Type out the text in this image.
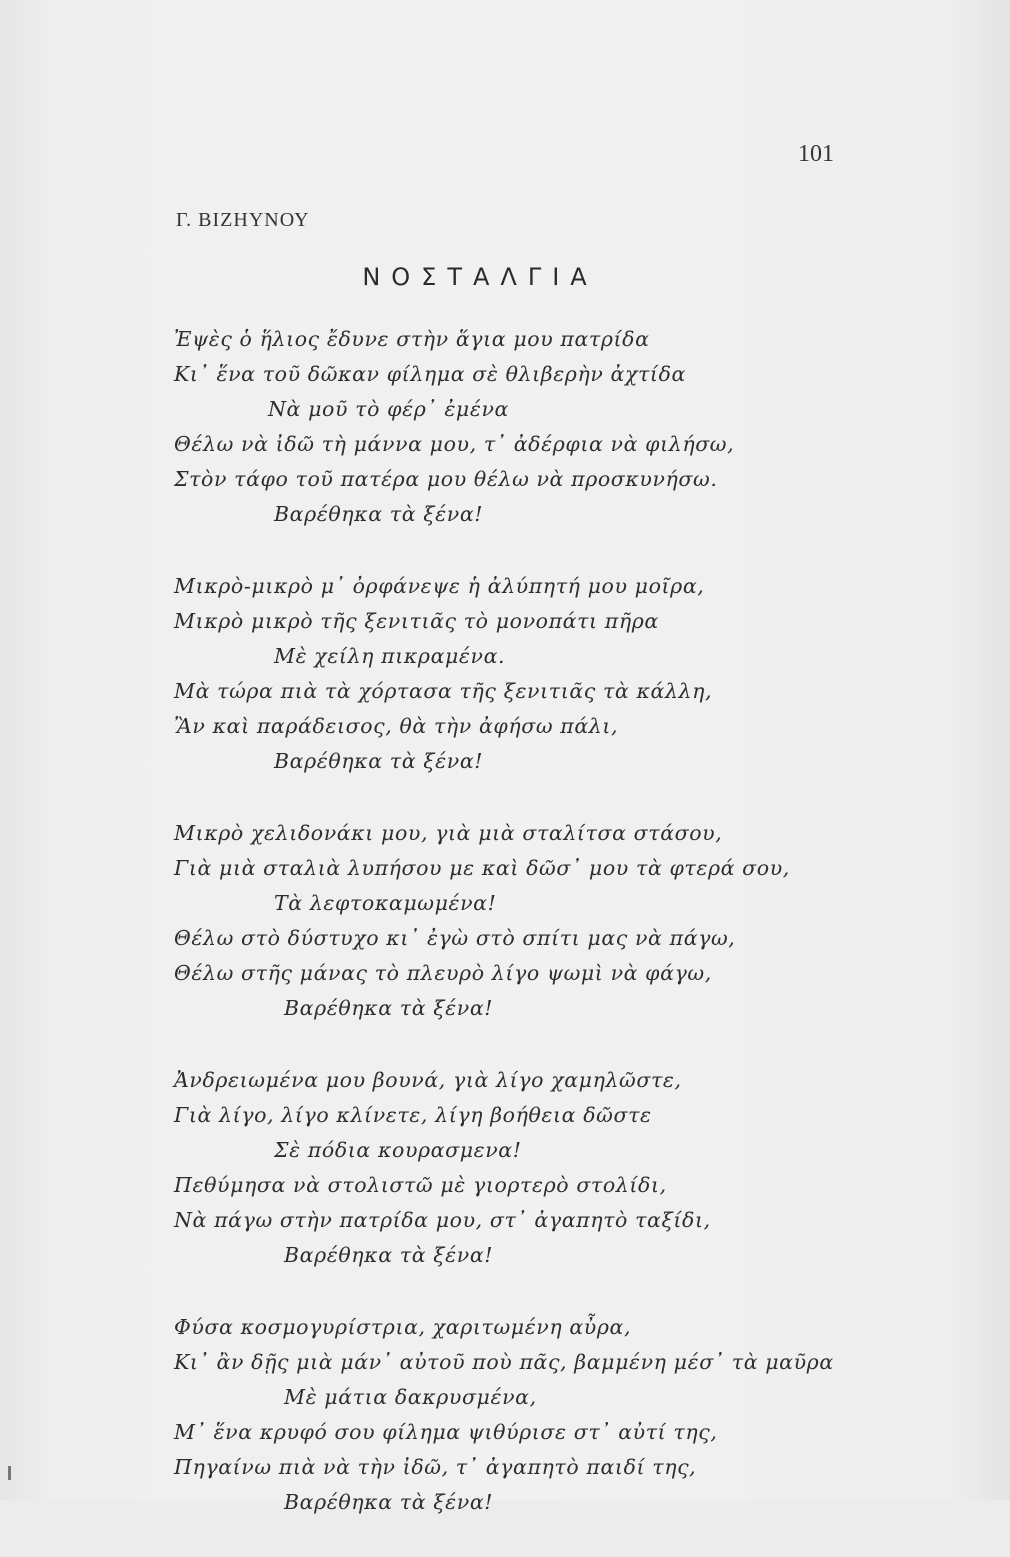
101
Γ. ΒΙΖΗΥΝΟΥ
ΝΟΣΤΑΛΓΙΑ
Ἐψὲς ὁ ἥλιος ἔδυνε στὴν ἅγια μου πατρίδα
Κι᾽ ἕνα τοῦ δῶκαν φίλημα σὲ θλιβερὴν ἀχτίδα
Νὰ μοῦ τὸ φέρ᾽ ἐμένα
Θέλω νὰ ἰδῶ τὴ μάννα μου, τ᾽ ἀδέρφια νὰ φιλήσω,
Στὸν τάφο τοῦ πατέρα μου θέλω νὰ προσκυνήσω.
Βαρέθηκα τὰ ξένα!
Μικρὸ-μικρὸ μ᾽ ὀρφάνεψε ἡ ἀλύπητή μου μοῖρα,
Μικρὸ μικρὸ τῆς ξενιτιᾶς τὸ μονοπάτι πῆρα
Μὲ χείλη πικραμένα.
Μὰ τώρα πιὰ τὰ χόρτασα τῆς ξενιτιᾶς τὰ κάλλη,
Ἂν καὶ παράδεισος, θὰ τὴν ἀφήσω πάλι,
Βαρέθηκα τὰ ξένα!
Μικρὸ χελιδονάκι μου, γιὰ μιὰ σταλίτσα στάσου,
Γιὰ μιὰ σταλιὰ λυπήσου με καὶ δῶσ᾽ μου τὰ φτερά σου,
Τὰ λεφτοκαμωμένα!
Θέλω στὸ δύστυχο κι᾽ ἐγὼ στὸ σπίτι μας νὰ πάγω,
Θέλω στῆς μάνας τὸ πλευρὸ λίγο ψωμὶ νὰ φάγω,
Βαρέθηκα τὰ ξένα!
Ἀνδρειωμένα μου βουνά, γιὰ λίγο χαμηλῶστε,
Γιὰ λίγο, λίγο κλίνετε, λίγη βοήθεια δῶστε
Σὲ πόδια κουρασμενα!
Πεθύμησα νὰ στολιστῶ μὲ γιορτερὸ στολίδι,
Νὰ πάγω στὴν πατρίδα μου, στ᾽ ἀγαπητὸ ταξίδι,
Βαρέθηκα τὰ ξένα!
Φύσα κοσμογυρίστρια, χαριτωμένη αὖρα,
Κι᾽ ἂν δῇς μιὰ μάν᾽ αὐτοῦ ποὺ πᾶς, βαμμένη μέσ᾽ τὰ μαῦρα
Μὲ μάτια δακρυσμένα,
Μ᾽ ἕνα κρυφό σου φίλημα ψιθύρισε στ᾽ αὐτί της,
Πηγαίνω πιὰ νὰ τὴν ἰδῶ, τ᾽ ἀγαπητὸ παιδί της,
Βαρέθηκα τὰ ξένα!
